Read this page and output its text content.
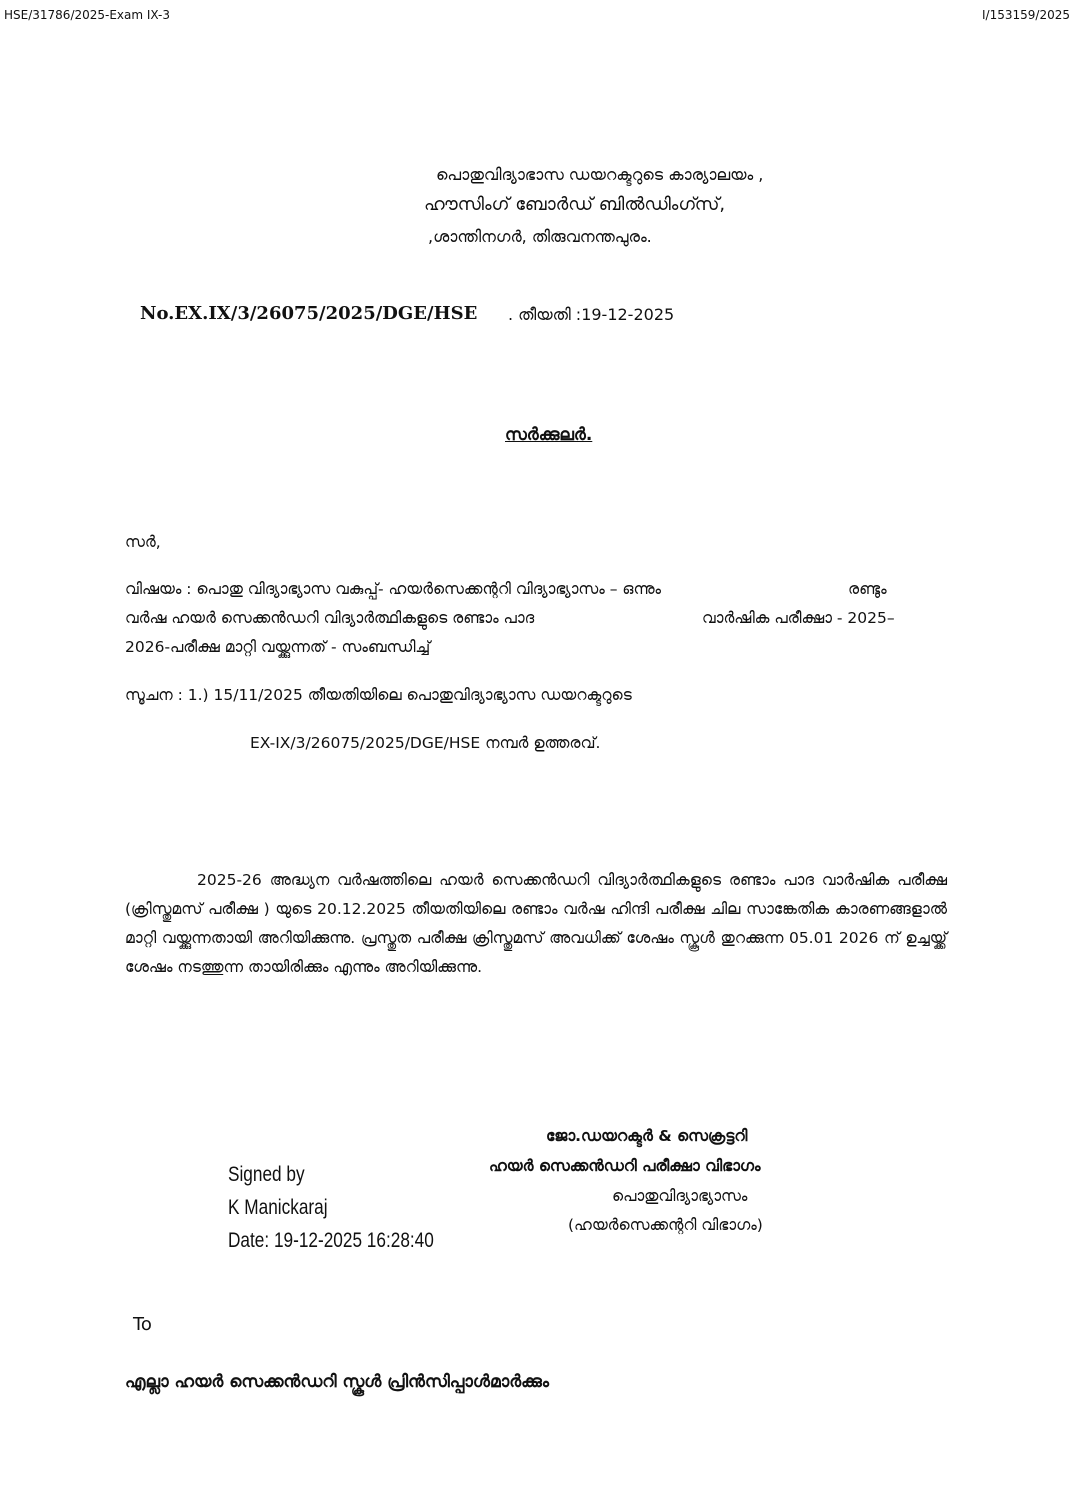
HSE/31786/2025-Exam IX-3	I/153159/2025
പൊതുവിദ്യാഭാസ ഡയറക്ടറുടെ കാര്യാലയം ,
ഹൗസിംഗ് ബോർഡ് ബിൽഡിംഗ്സ്,
,ശാന്തിനഗർ, തിരുവനന്തപുരം.
No.EX.IX/3/26075/2025/DGE/HSE . തീയതി :19-12-2025
സർക്കുലർ.
സർ,
വിഷയം : പൊതു വിദ്യാഭ്യാസ വകുപ്പ്- ഹയർസെക്കന്ററി വിദ്യാഭ്യാസം – ഒന്നും	രണ്ടും
വർഷ ഹയർ സെക്കൻഡറി വിദ്യാർത്ഥികളുടെ രണ്ടാം പാദ	വാർഷിക പരീക്ഷാ - 2025–
2026-പരീക്ഷ മാറ്റി വയ്ക്കുന്നത് - സംബന്ധിച്ച്
സൂചന : 1.) 15/11/2025 തീയതിയിലെ പൊതുവിദ്യാഭ്യാസ ഡയറക്ടറുടെ
EX-IX/3/26075/2025/DGE/HSE നമ്പർ ഉത്തരവ്.
2025-26 അദ്ധ്യന വർഷത്തിലെ ഹയർ സെക്കൻഡറി വിദ്യാർത്ഥികളുടെ രണ്ടാം പാദ വാർഷിക പരീക്ഷ (ക്രിസ്തുമസ് പരീക്ഷ ) യുടെ 20.12.2025 തീയതിയിലെ രണ്ടാം വർഷ ഹിന്ദി പരീക്ഷ ചില സാങ്കേതിക കാരണങ്ങളാൽ മാറ്റി വയ്ക്കുന്നതായി അറിയിക്കുന്നു. പ്രസ്തുത പരീക്ഷ ക്രിസ്തുമസ് അവധിക്ക് ശേഷം സ്കൂൾ തുറക്കുന്ന 05.01 2026 ന് ഉച്ചയ്ക്ക് ശേഷം നടത്തുന്ന തായിരിക്കും എന്നും അറിയിക്കുന്നു.
ജോ.ഡയറക്ടർ & സെക്രട്ടറി
ഹയർ സെക്കൻഡറി പരീക്ഷാ വിഭാഗം
പൊതുവിദ്യാഭ്യാസം
(ഹയർസെക്കന്ററി വിഭാഗം)
Signed by
K Manickaraj
Date: 19-12-2025 16:28:40
To
എല്ലാ ഹയർ സെക്കൻഡറി സ്കൂൾ പ്രിൻസിപ്പാൾമാർക്കും
